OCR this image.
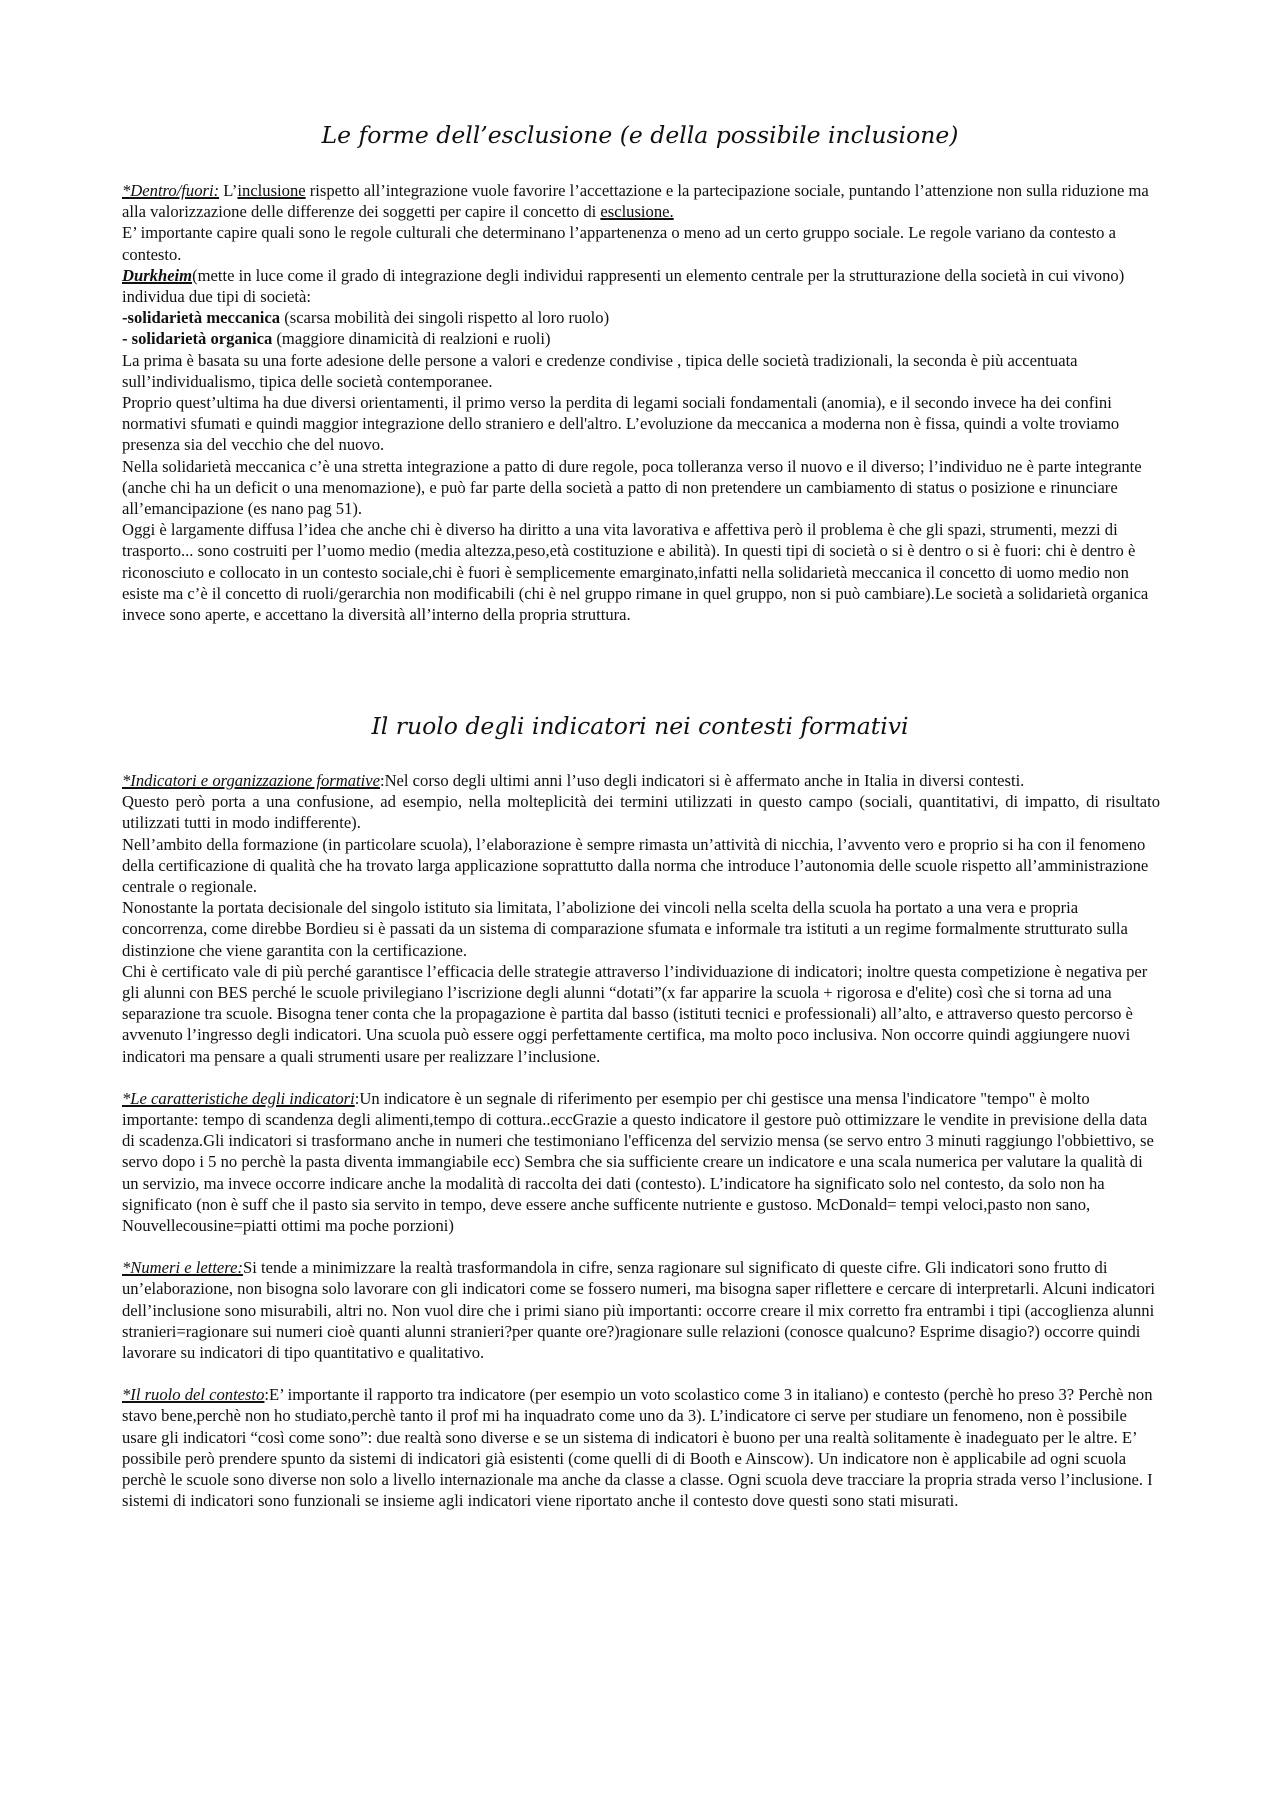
Le forme dell’esclusione (e della possibile inclusione)

*Dentro/fuori: L’inclusione rispetto all’integrazione vuole favorire l’accettazione e la partecipazione sociale, puntando l’attenzione non sulla riduzione ma alla valorizzazione delle differenze dei soggetti per capire il concetto di esclusione.

E’ importante capire quali sono le regole culturali che determinano l’appartenenza o meno ad un certo gruppo sociale. Le regole variano da contesto a contesto.

Durkheim(mette in luce come il grado di integrazione degli individui rappresenti un elemento centrale per la strutturazione della società in cui vivono) individua due tipi di società:

-solidarietà meccanica (scarsa mobilità dei singoli rispetto al loro ruolo)

- solidarietà organica (maggiore dinamicità di realzioni e ruoli)

La prima è basata su una forte adesione delle persone a valori e credenze condivise , tipica delle società tradizionali, la seconda è più accentuata sull’individualismo, tipica delle società contemporanee.

Proprio quest’ultima ha due diversi orientamenti, il primo verso la perdita di legami sociali fondamentali (anomia), e il secondo invece ha dei confini normativi sfumati e quindi maggior integrazione dello straniero e dell'altro. L’evoluzione da meccanica a moderna non è fissa, quindi a volte troviamo presenza sia del vecchio che del nuovo.

Nella solidarietà meccanica c’è una stretta integrazione a patto di dure regole, poca tolleranza verso il nuovo e il diverso; l’individuo ne è parte integrante (anche chi ha un deficit o una menomazione), e può far parte della società a patto di non pretendere un cambiamento di status o posizione e rinunciare all’emancipazione (es nano pag 51).

Oggi è largamente diffusa l’idea che anche chi è diverso ha diritto a una vita lavorativa e affettiva però il problema è che gli spazi, strumenti, mezzi di trasporto... sono costruiti per l’uomo medio (media altezza,peso,età costituzione e abilità). In questi tipi di società o si è dentro o si è fuori: chi è dentro è riconosciuto e collocato in un contesto sociale,chi è fuori è semplicemente emarginato,infatti nella solidarietà meccanica il concetto di uomo medio non esiste ma c’è il concetto di ruoli/gerarchia non modificabili (chi è nel gruppo rimane in quel gruppo, non si può cambiare).Le società a solidarietà organica invece sono aperte, e accettano la diversità all’interno della propria struttura.

Il ruolo degli indicatori nei contesti formativi

*Indicatori e organizzazione formative:Nel corso degli ultimi anni l’uso degli indicatori si è affermato anche in Italia in diversi contesti.

Questo però porta a una confusione, ad esempio, nella molteplicità dei termini utilizzati in questo campo (sociali, quantitativi, di impatto, di risultato utilizzati tutti in modo indifferente).

Nell’ambito della formazione (in particolare scuola), l’elaborazione è sempre rimasta un’attività di nicchia, l’avvento vero e proprio si ha con il fenomeno della certificazione di qualità che ha trovato larga applicazione soprattutto dalla norma che introduce l’autonomia delle scuole rispetto all’amministrazione centrale o regionale.

Nonostante la portata decisionale del singolo istituto sia limitata, l’abolizione dei vincoli nella scelta della scuola ha portato a una vera e propria concorrenza, come direbbe Bordieu si è passati da un sistema di comparazione sfumata e informale tra istituti a un regime formalmente strutturato sulla distinzione che viene garantita con la certificazione.

Chi è certificato vale di più perché garantisce l’efficacia delle strategie attraverso l’individuazione di indicatori; inoltre questa competizione è negativa per gli alunni con BES perché le scuole privilegiano l’iscrizione degli alunni “dotati”(x far apparire la scuola + rigorosa e d'elite) così che si torna ad una separazione tra scuole. Bisogna tener conta che la propagazione è partita dal basso (istituti tecnici e professionali) all’alto, e attraverso questo percorso è avvenuto l’ingresso degli indicatori. Una scuola può essere oggi perfettamente certifica, ma molto poco inclusiva. Non occorre quindi aggiungere nuovi indicatori ma pensare a quali strumenti usare per realizzare l’inclusione.

*Le caratteristiche degli indicatori:Un indicatore è un segnale di riferimento per esempio per chi gestisce una mensa l'indicatore "tempo" è molto importante: tempo di scandenza degli alimenti,tempo di cottura..eccGrazie a questo indicatore il gestore può ottimizzare le vendite in previsione della data di scadenza.Gli indicatori si trasformano anche in numeri che testimoniano l'efficenza del servizio mensa (se servo entro 3 minuti raggiungo l'obbiettivo, se servo dopo i 5 no perchè la pasta diventa immangiabile ecc) Sembra che sia sufficiente creare un indicatore e una scala numerica per valutare la qualità di un servizio, ma invece occorre indicare anche la modalità di raccolta dei dati (contesto). L’indicatore ha significato solo nel contesto, da solo non ha significato (non è suff che il pasto sia servito in tempo, deve essere anche sufficente nutriente e gustoso. McDonald= tempi veloci,pasto non sano, Nouvellecousine=piatti ottimi ma poche porzioni)

*Numeri e lettere:Si tende a minimizzare la realtà trasformandola in cifre, senza ragionare sul significato di queste cifre. Gli indicatori sono frutto di un’elaborazione, non bisogna solo lavorare con gli indicatori come se fossero numeri, ma bisogna saper riflettere e cercare di interpretarli. Alcuni indicatori dell’inclusione sono misurabili, altri no. Non vuol dire che i primi siano più importanti: occorre creare il mix corretto fra entrambi i tipi (accoglienza alunni stranieri=ragionare sui numeri cioè quanti alunni stranieri?per quante ore?)ragionare sulle relazioni (conosce qualcuno? Esprime disagio?) occorre quindi lavorare su indicatori di tipo quantitativo e qualitativo.

*Il ruolo del contesto:E’ importante il rapporto tra indicatore (per esempio un voto scolastico come 3 in italiano) e contesto (perchè ho preso 3? Perchè non stavo bene,perchè non ho studiato,perchè tanto il prof mi ha inquadrato come uno da 3). L’indicatore ci serve per studiare un fenomeno, non è possibile usare gli indicatori “così come sono”: due realtà sono diverse e se un sistema di indicatori è buono per una realtà solitamente è inadeguato per le altre. E’ possibile però prendere spunto da sistemi di indicatori già esistenti (come quelli di di Booth e Ainscow). Un indicatore non è applicabile ad ogni scuola perchè le scuole sono diverse non solo a livello internazionale ma anche da classe a classe. Ogni scuola deve tracciare la propria strada verso l’inclusione. I sistemi di indicatori sono funzionali se insieme agli indicatori viene riportato anche il contesto dove questi sono stati misurati.
